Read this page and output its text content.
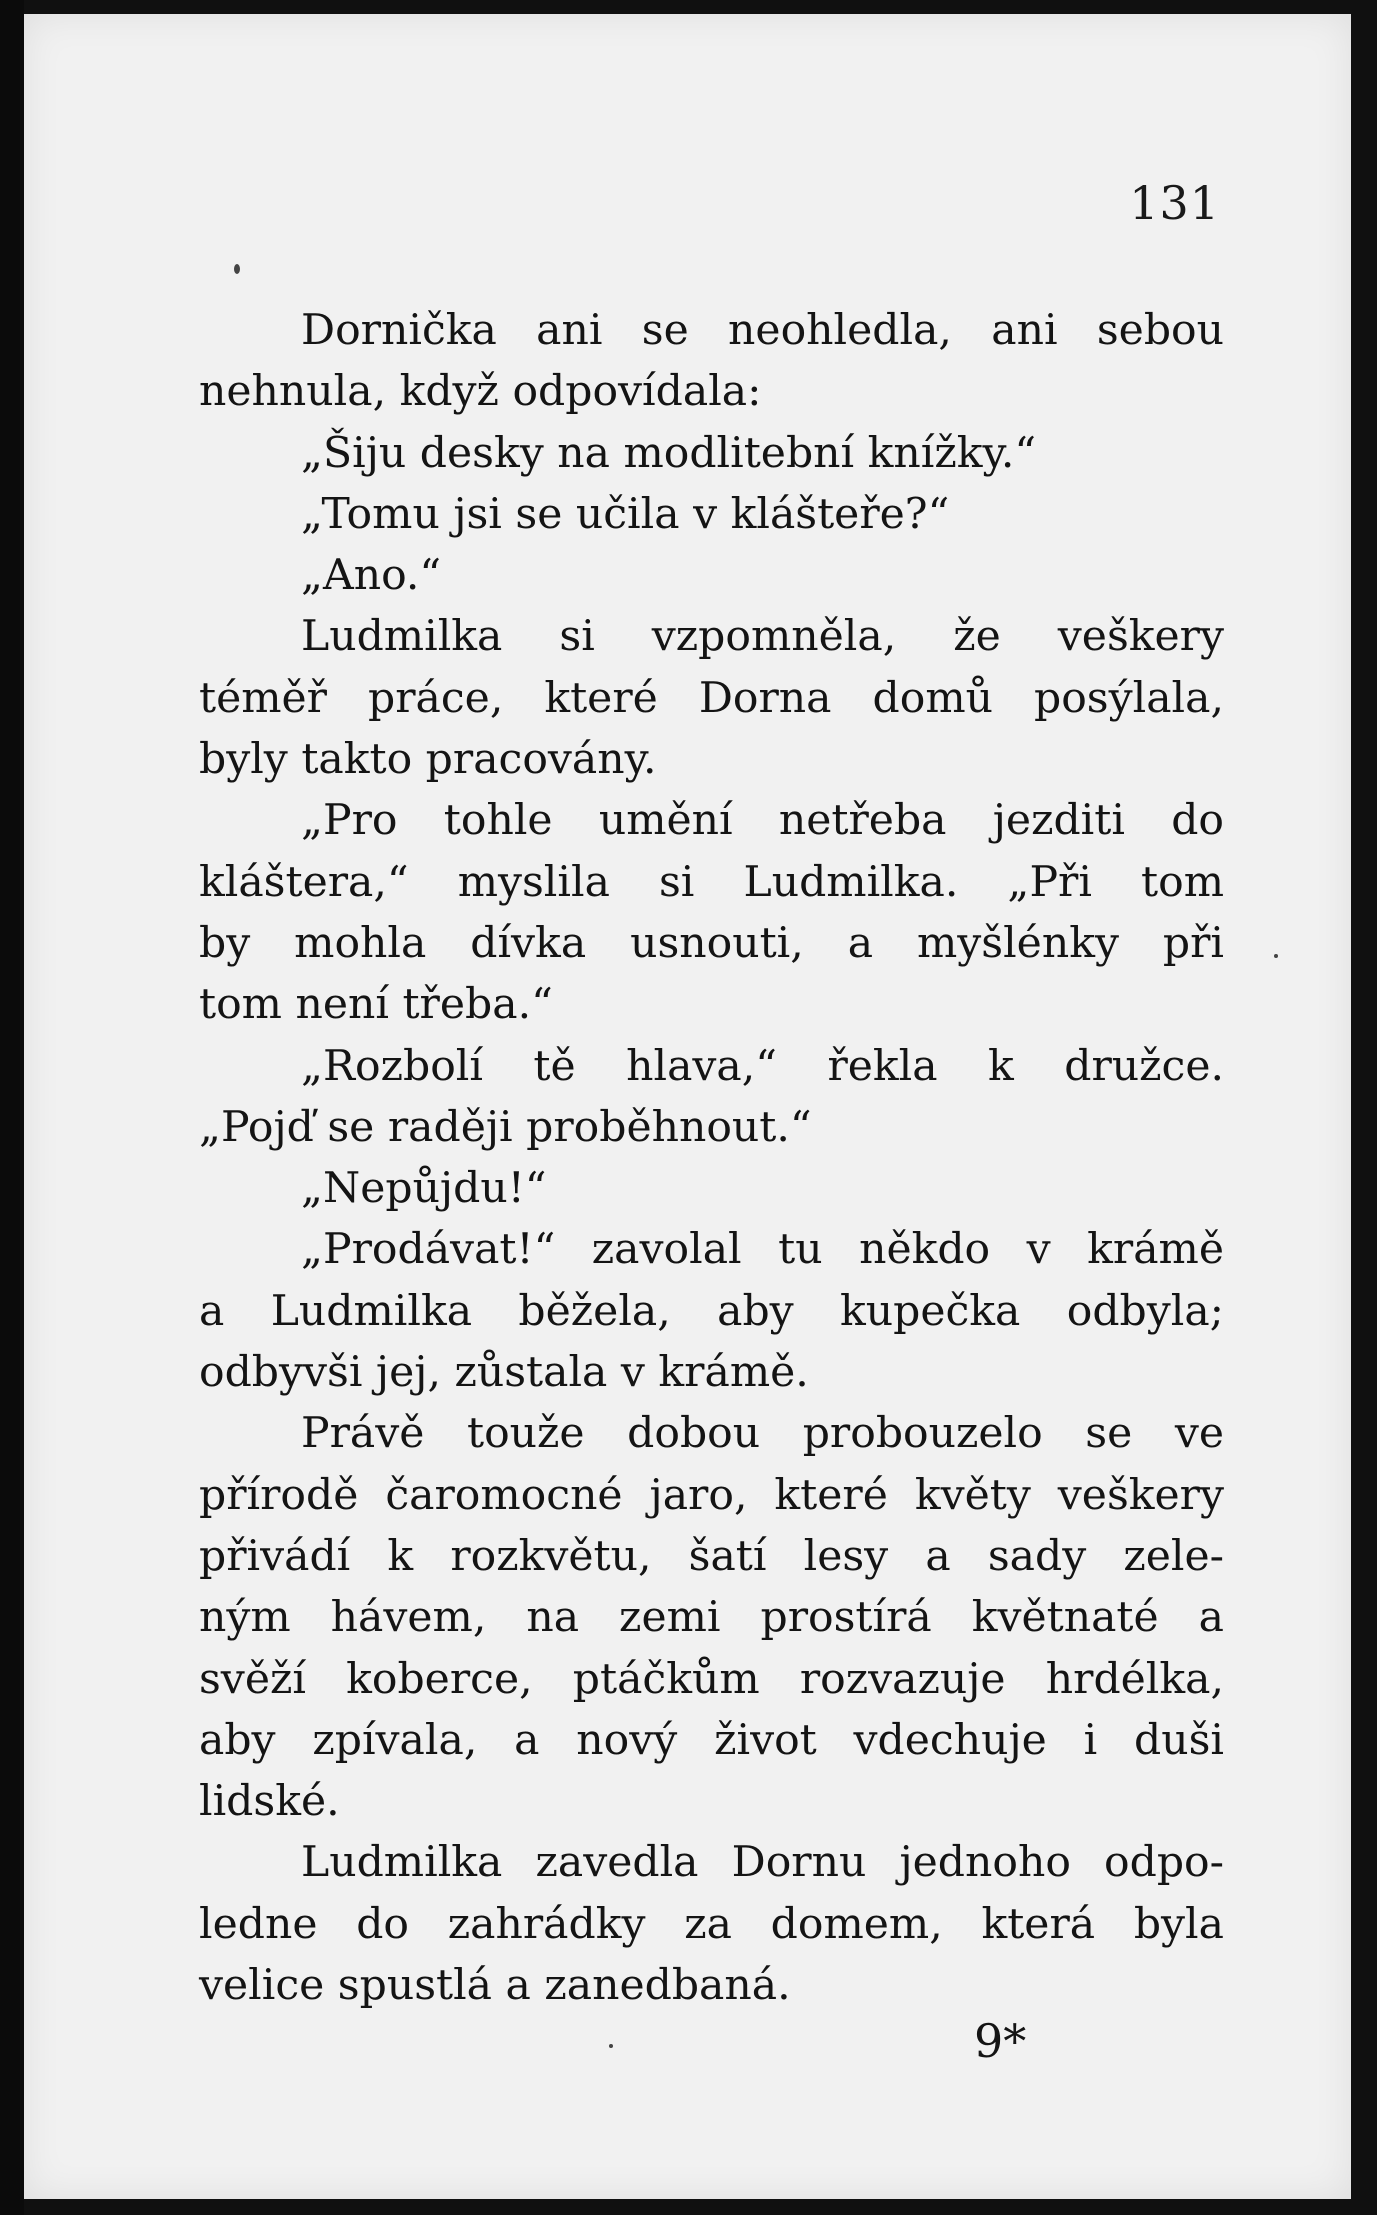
131
Dornička ani se neohledla, ani sebou
nehnula, když odpovídala:
„Šiju desky na modlitební knížky.“
„Tomu jsi se učila v klášteře?“
„Ano.“
Ludmilka si vzpomněla, že veškery
téměř práce, které Dorna domů posýlala,
byly takto pracovány.
„Pro tohle umění netřeba jezditi do
kláštera,“ myslila si Ludmilka. „Při tom
by mohla dívka usnouti, a myšlénky při
tom není třeba.“
„Rozbolí tě hlava,“ řekla k družce.
„Pojď se raději proběhnout.“
„Nepůjdu!“
„Prodávat!“ zavolal tu někdo v krámě
a Ludmilka běžela, aby kupečka odbyla;
odbyvši jej, zůstala v krámě.
Právě touže dobou probouzelo se ve
přírodě čaromocné jaro, které květy veškery
přivádí k rozkvětu, šatí lesy a sady zele-
ným hávem, na zemi prostírá květnaté a
svěží koberce, ptáčkům rozvazuje hrdélka,
aby zpívala, a nový život vdechuje i duši
lidské.
Ludmilka zavedla Dornu jednoho odpo-
ledne do zahrádky za domem, která byla
velice spustlá a zanedbaná.
9*
